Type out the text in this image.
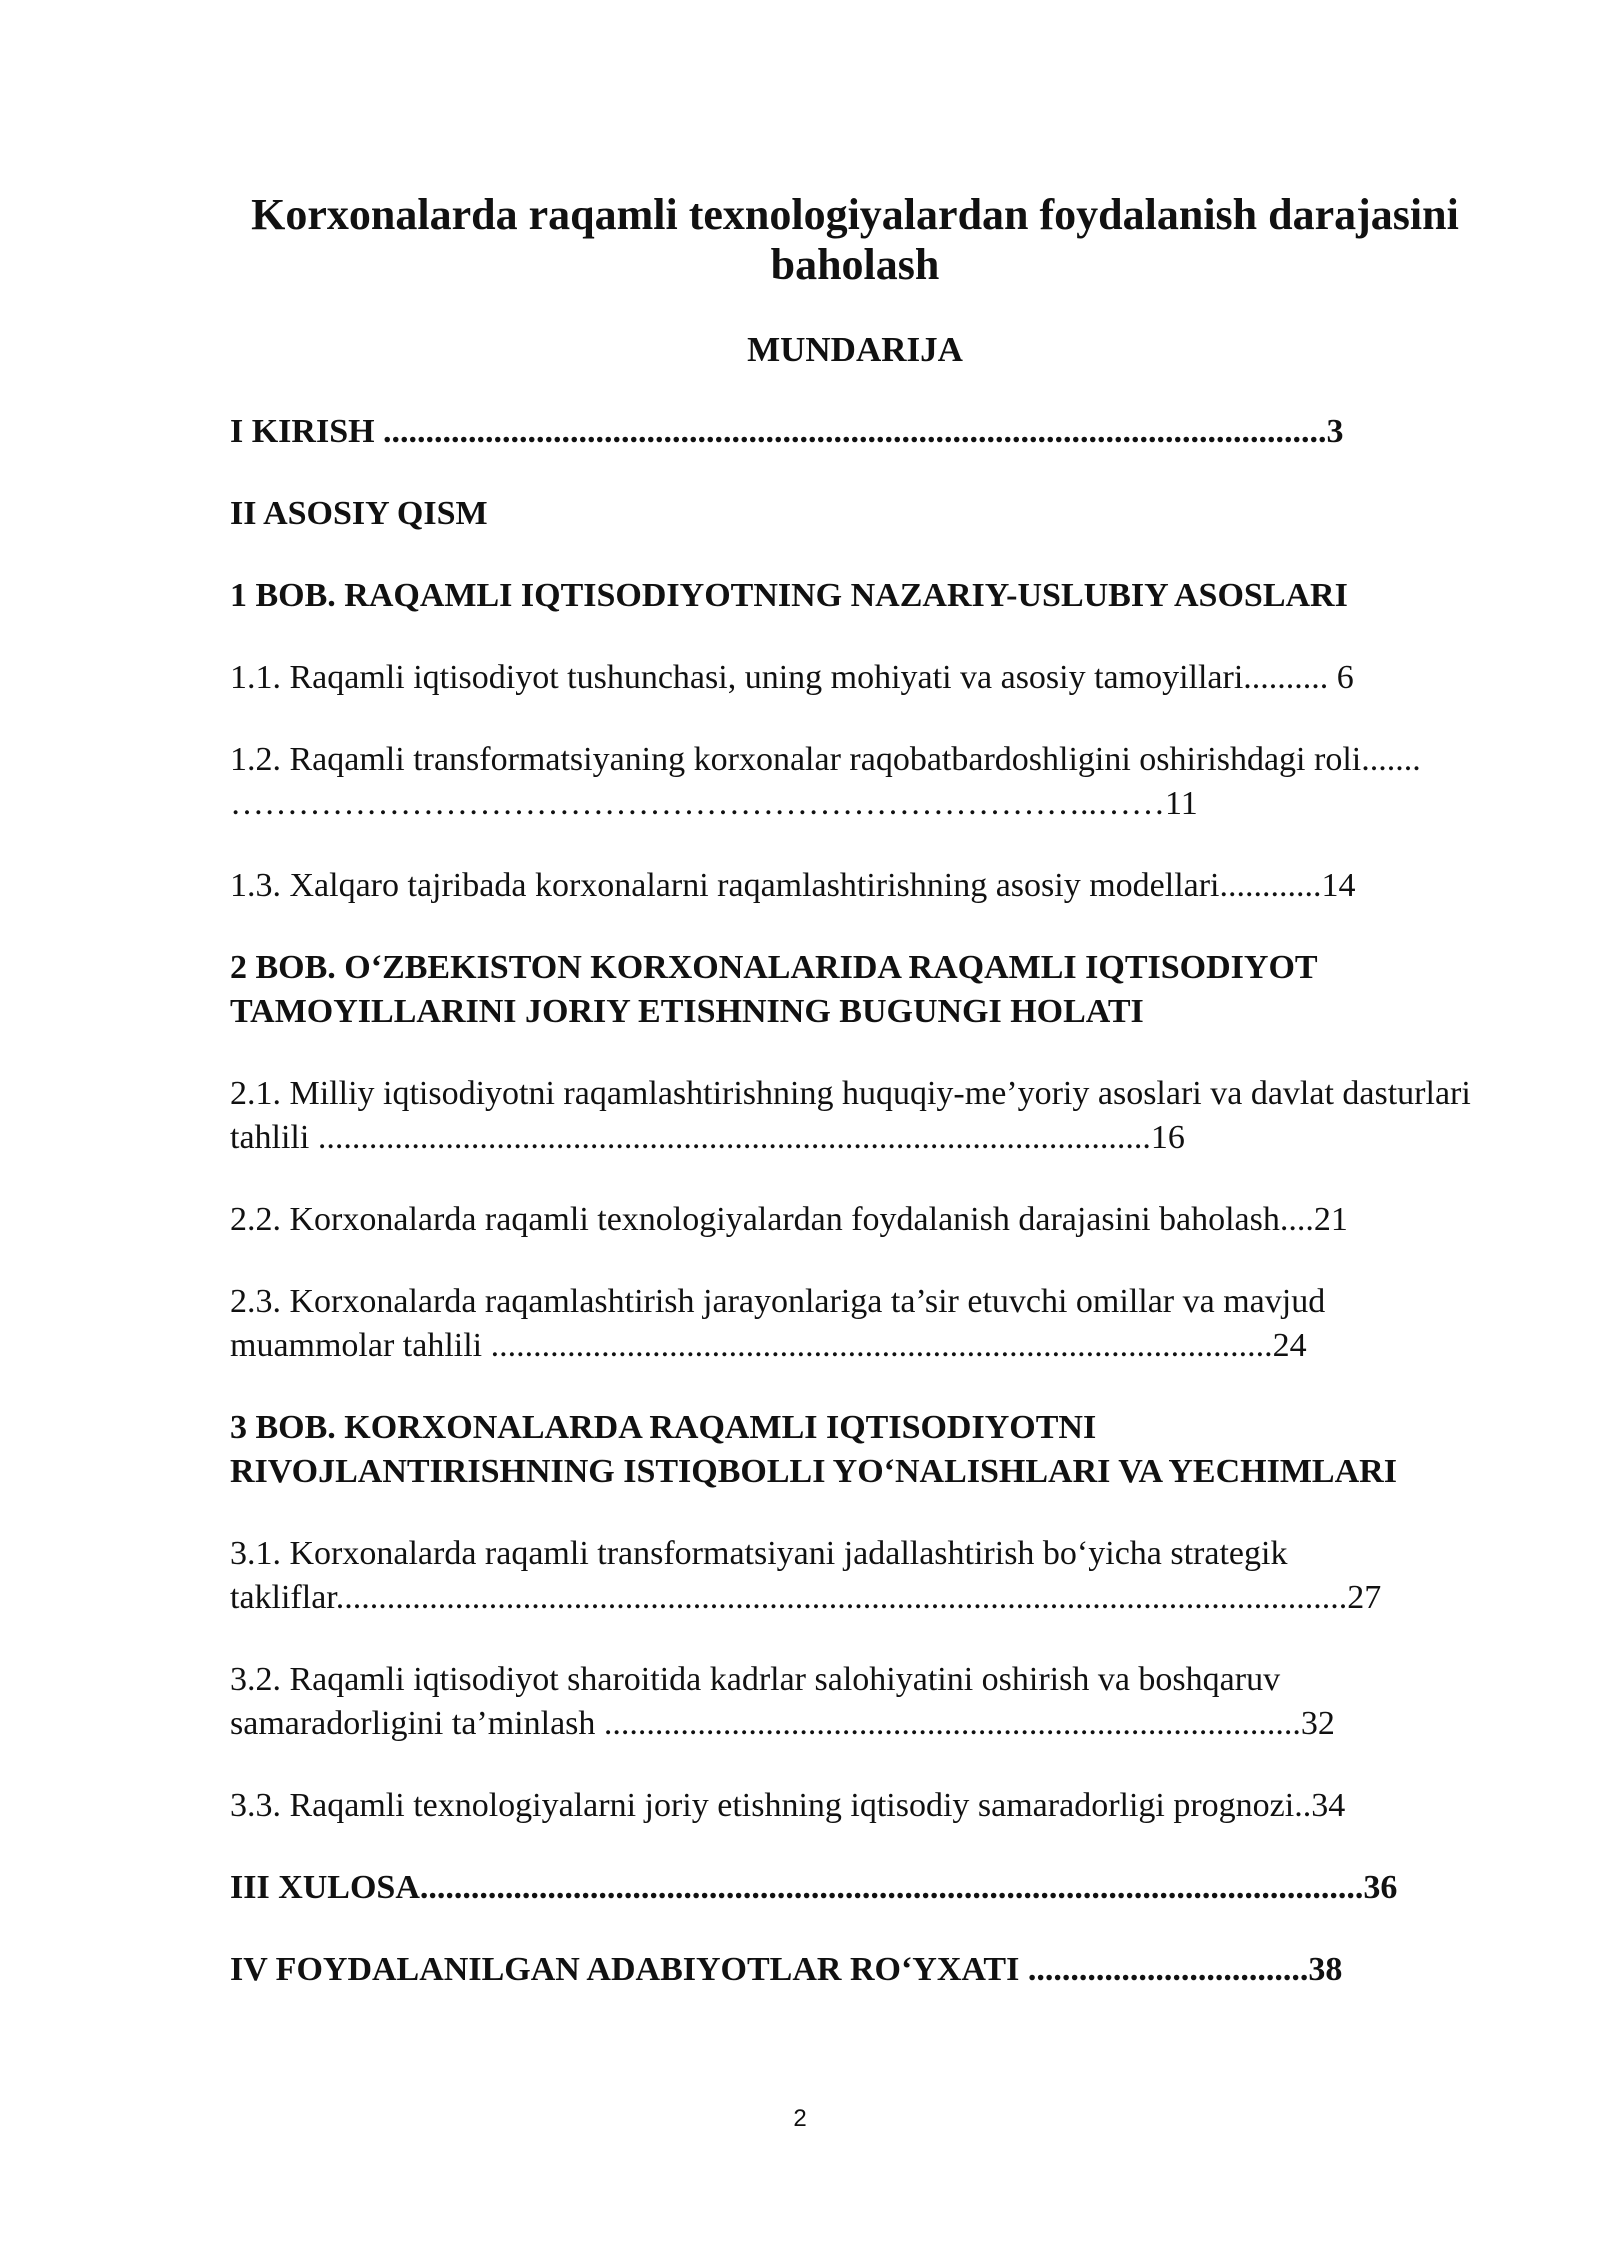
Korxonalarda raqamli texnologiyalardan foydalanish darajasini baholash
MUNDARIJA
I KIRISH ...............................................................................................................3
II ASOSIY QISM
1 BOB. RAQAMLI IQTISODIYOTNING NAZARIY-USLUBIY ASOSLARI
1.1. Raqamli iqtisodiyot tushunchasi, uning mohiyati va asosiy tamoyillari.......... 6
1.2. Raqamli transformatsiyaning korxonalar raqobatbardoshligini oshirishdagi roli....... …………………………………………………………………..……11
1.3. Xalqaro tajribada korxonalarni raqamlashtirishning asosiy modellari............14
2 BOB. O‘ZBEKISTON KORXONALARIDA RAQAMLI IQTISODIYOT TAMOYILLARINI JORIY ETISHNING BUGUNGI HOLATI
2.1. Milliy iqtisodiyotni raqamlashtirishning huquqiy-me’yoriy asoslari va davlat dasturlari tahlili ..................................................................................................16
2.2. Korxonalarda raqamli texnologiyalardan foydalanish darajasini baholash....21
2.3. Korxonalarda raqamlashtirish jarayonlariga ta’sir etuvchi omillar va mavjud muammolar tahlili ............................................................................................24
3 BOB. KORXONALARDA RAQAMLI IQTISODIYOTNI RIVOJLANTIRISHNING ISTIQBOLLI YO‘NALISHLARI VA YECHIMLARI
3.1. Korxonalarda raqamli transformatsiyani jadallashtirish bo‘yicha strategik takliflar.......................................................................................................................27
3.2. Raqamli iqtisodiyot sharoitida kadrlar salohiyatini oshirish va boshqaruv samaradorligini ta’minlash ..................................................................................32
3.3. Raqamli texnologiyalarni joriy etishning iqtisodiy samaradorligi prognozi..34
III XULOSA...............................................................................................................36
IV FOYDALANILGAN ADABIYOTLAR RO‘YXATI .................................38
2
